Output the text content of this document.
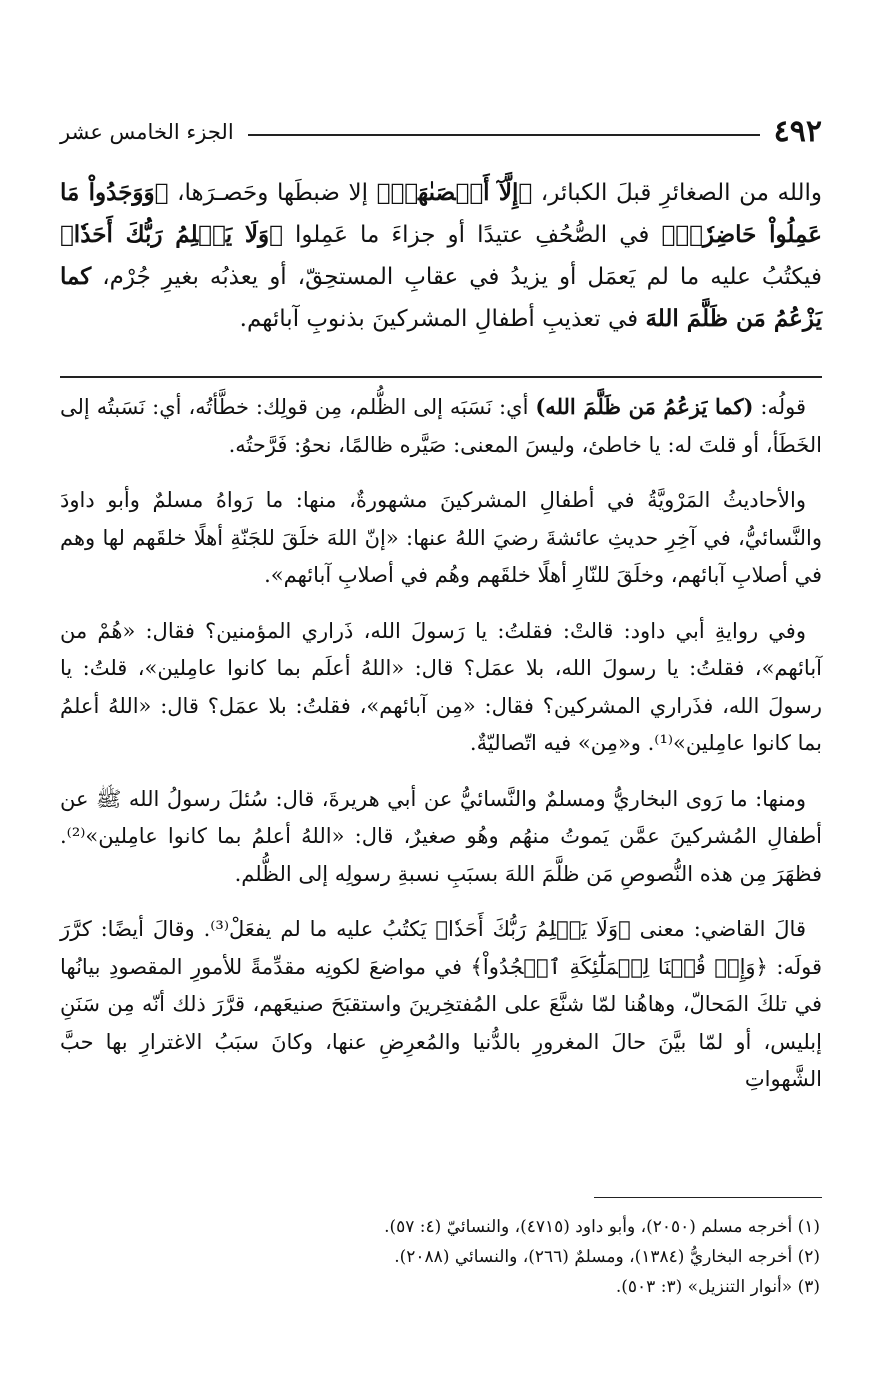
٤٩٢
الجزء الخامس عشر
والله من الصغائرِ قبلَ الكبائر، ﴿إِلَّآ أَحۡصَىٰهَاۚ﴾ إلا ضبطَها وحَصـرَها، ﴿وَوَجَدُواْ مَا عَمِلُواْ حَاضِرٗاۗ﴾ في الصُّحُفِ عتيدًا أو جزاءَ ما عَمِلوا ﴿وَلَا يَظۡلِمُ رَبُّكَ أَحَدٗا﴾ فيكتُبُ عليه ما لم يَعمَل أو يزيدُ في عقابِ المستحِقّ، أو يعذبُه بغيرِ جُرْم، كما يَزْعُمُ مَن ظَلَّمَ اللهَ في تعذيبِ أطفالِ المشركينَ بذنوبِ آبائهم.

قولُه: (كما يَزعُمُ مَن ظَلَّمَ الله) أي: نَسَبَه إلى الظُّلم، مِن قولِك: خطَّأتُه، أي: نَسَبتُه إلى الخَطَأ، أو قلتَ له: يا خاطئ، وليسَ المعنى: صَيَّره ظالمًا، نحوُ: فَرَّحتُه.

والأحاديثُ المَرْويَّةُ في أطفالِ المشركينَ مشهورةٌ، منها: ما رَواهُ مسلمٌ وأبو داودَ والنَّسائيُّ، في آخِرِ حديثِ عائشةَ رضيَ اللهُ عنها: «إنّ اللهَ خلَقَ للجَنّةِ أهلًا خلقَهم لها وهم في أصلابِ آبائهم، وخلَقَ للنّارِ أهلًا خلقَهم وهُم في أصلابِ آبائهم».

وفي روايةِ أبي داود: قالتْ: فقلتُ: يا رَسولَ الله، ذَراري المؤمنين؟ فقال: «هُمْ من آبائهم»، فقلتُ: يا رسولَ الله، بلا عمَل؟ قال: «اللهُ أعلَم بما كانوا عامِلين»، قلتُ: يا رسولَ الله، فذَراري المشركين؟ فقال: «مِن آبائهم»، فقلتُ: بلا عمَل؟ قال: «اللهُ أعلمُ بما كانوا عامِلين»⁽¹⁾. و«مِن» فيه اتّصاليّةٌ.

ومنها: ما رَوى البخاريُّ ومسلمٌ والنَّسائيُّ عن أبي هريرةَ، قال: سُئلَ رسولُ الله ﷺ عن أطفالِ المُشركينَ عمَّن يَموتُ منهُم وهُو صغيرٌ، قال: «اللهُ أعلمُ بما كانوا عامِلين»⁽²⁾. فظهَرَ مِن هذه النُّصوصِ مَن ظلَّمَ اللهَ بسبَبِ نسبةِ رسولِه إلى الظُّلم.

قالَ القاضي: معنى ﴿وَلَا يَظۡلِمُ رَبُّكَ أَحَدٗا﴾ يَكتُبُ عليه ما لم يفعَلْ⁽³⁾. وقالَ أيضًا: كرَّرَ قولَه: ﴿وَإِذۡ قُلۡنَا لِلۡمَلَٰٓئِكَةِ ٱسۡجُدُواْ﴾ في مواضعَ لكونِه مقدِّمةً للأمورِ المقصودِ بيانُها في تلكَ المَحالّ، وهاهُنا لمّا شنَّعَ على المُفتخِرينَ واستقبَحَ صنيعَهم، قرَّرَ ذلك أنّه مِن سَنَنِ إبليس، أو لمّا بيَّنَ حالَ المغرورِ بالدُّنيا والمُعرِضِ عنها، وكانَ سبَبُ الاغترارِ بها حبَّ الشَّهواتِ

(١) أخرجه مسلم (٢٠٥٠)، وأبو داود (٤٧١٥)، والنسائيّ (٤: ٥٧).

(٢) أخرجه البخاريُّ (١٣٨٤)، ومسلمٌ (٢٦٦)، والنسائي (٢٠٨٨).

(٣) «أنوار التنزيل» (٣: ٥٠٣).
